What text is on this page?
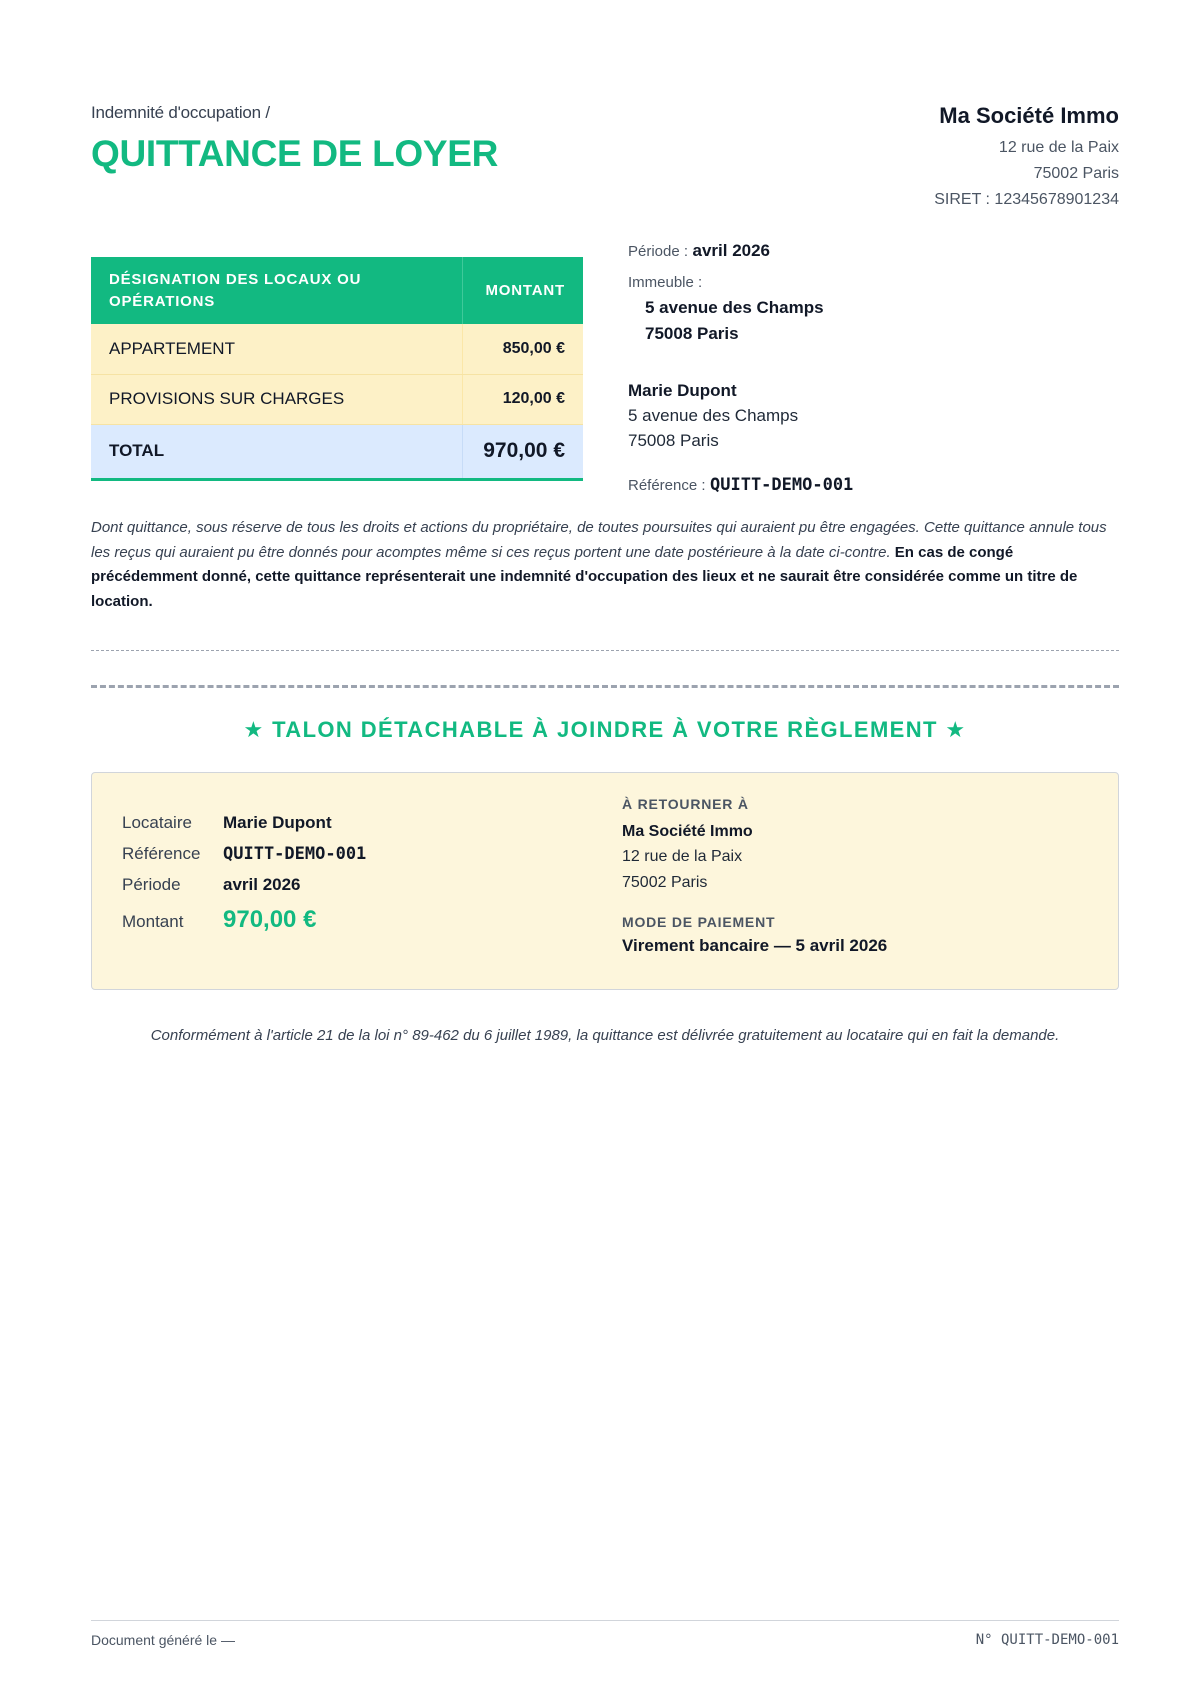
Indemnité d'occupation /
QUITTANCE DE LOYER
Ma Société Immo
12 rue de la Paix
75002 Paris
SIRET : 12345678901234
DÉSIGNATION DES LOCAUX OU OPÉRATIONS	MONTANT
APPARTEMENT	850,00 €
PROVISIONS SUR CHARGES	120,00 €
TOTAL	970,00 €
Période : avril 2026
Immeuble :
5 avenue des Champs
75008 Paris
Marie Dupont
5 avenue des Champs
75008 Paris
Référence : QUITT-DEMO-001
Dont quittance, sous réserve de tous les droits et actions du propriétaire, de toutes poursuites qui auraient pu être engagées. Cette quittance annule tous les reçus qui auraient pu être donnés pour acomptes même si ces reçus portent une date postérieure à la date ci-contre. En cas de congé précédemment donné, cette quittance représenterait une indemnité d'occupation des lieux et ne saurait être considérée comme un titre de location.
★ TALON DÉTACHABLE À JOINDRE À VOTRE RÈGLEMENT ★
Locataire	Marie Dupont
Référence	QUITT-DEMO-001
Période	avril 2026
Montant	970,00 €
À RETOURNER À
Ma Société Immo
12 rue de la Paix
75002 Paris
MODE DE PAIEMENT
Virement bancaire — 5 avril 2026
Conformément à l'article 21 de la loi n° 89-462 du 6 juillet 1989, la quittance est délivrée gratuitement au locataire qui en fait la demande.
Document généré le —	N° QUITT-DEMO-001
